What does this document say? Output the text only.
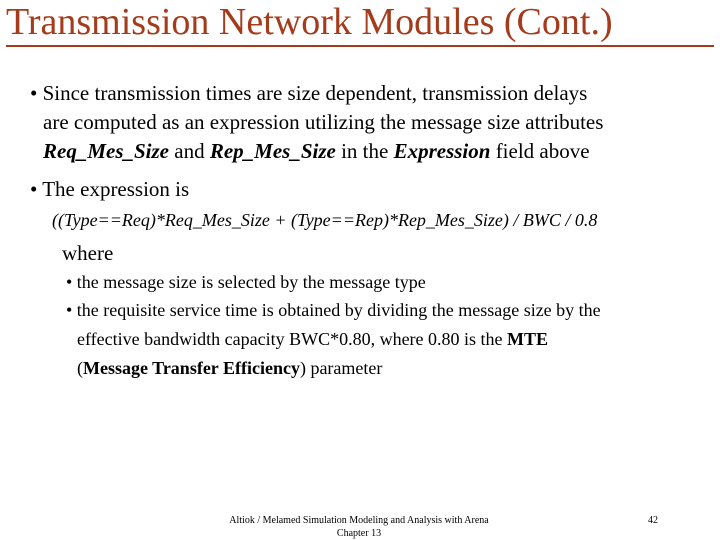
Transmission Network Modules (Cont.)
• Since transmission times are size dependent, transmission delays
are computed as an expression utilizing the message size attributes
Req_Mes_Size and Rep_Mes_Size in the Expression field above
• The expression is
((Type==Req)*Req_Mes_Size + (Type==Rep)*Rep_Mes_Size) / BWC / 0.8
where
• the message size is selected by the message type
• the requisite service time is obtained by dividing the message size by the
effective bandwidth capacity BWC*0.80, where 0.80 is the MTE
(Message Transfer Efficiency) parameter
Altiok / Melamed Simulation Modeling and Analysis with Arena
Chapter 13
42
